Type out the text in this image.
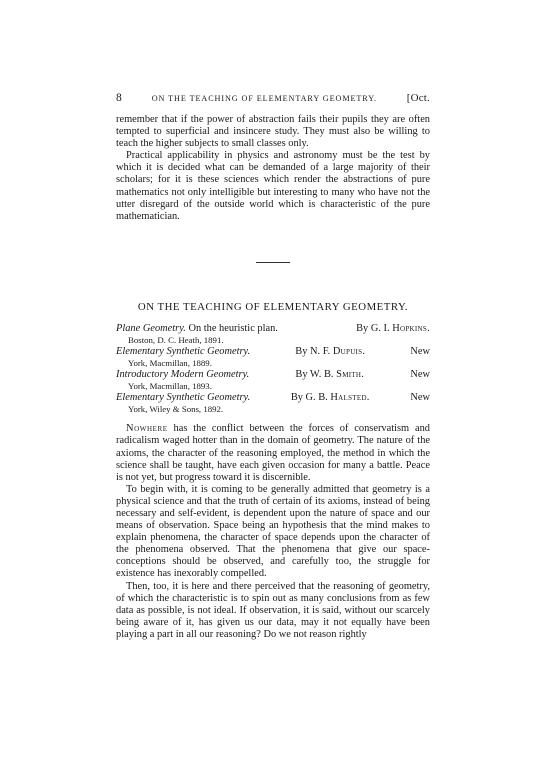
8	ON THE TEACHING OF ELEMENTARY GEOMETRY.	[Oct.

remember that if the power of abstraction fails their pupils they are often tempted to superficial and insincere study. They must also be willing to teach the higher subjects to small classes only.

Practical applicability in physics and astronomy must be the test by which it is decided what can be demanded of a large majority of their scholars; for it is these sciences which render the abstractions of pure mathematics not only intelligible but interesting to many who have not the utter disregard of the outside world which is characteristic of the pure mathematician.

ON THE TEACHING OF ELEMENTARY GEOMETRY.
Plane Geometry. On the heuristic plan.	By G. I. Hopkins.
Boston, D. C. Heath, 1891.
Elementary Synthetic Geometry.	By N. F. Dupuis.	New
York, Macmillan, 1889.
Introductory Modern Geometry.	By W. B. Smith.	New
York, Macmillan, 1893.
Elementary Synthetic Geometry.	By G. B. Halsted.	New
York, Wiley & Sons, 1892.

Nowhere has the conflict between the forces of conservatism and radicalism waged hotter than in the domain of geometry. The nature of the axioms, the character of the reasoning employed, the method in which the science shall be taught, have each given occasion for many a battle. Peace is not yet, but progress toward it is discernible.

To begin with, it is coming to be generally admitted that geometry is a physical science and that the truth of certain of its axioms, instead of being necessary and self-evident, is dependent upon the nature of space and our means of observation. Space being an hypothesis that the mind makes to explain phenomena, the character of space depends upon the character of the phenomena observed. That the phenomena that give our space-conceptions should be observed, and carefully too, the struggle for existence has inexorably compelled.

Then, too, it is here and there perceived that the reasoning of geometry, of which the characteristic is to spin out as many conclusions from as few data as possible, is not ideal. If observation, it is said, without our scarcely being aware of it, has given us our data, may it not equally have been playing a part in all our reasoning? Do we not reason rightly
